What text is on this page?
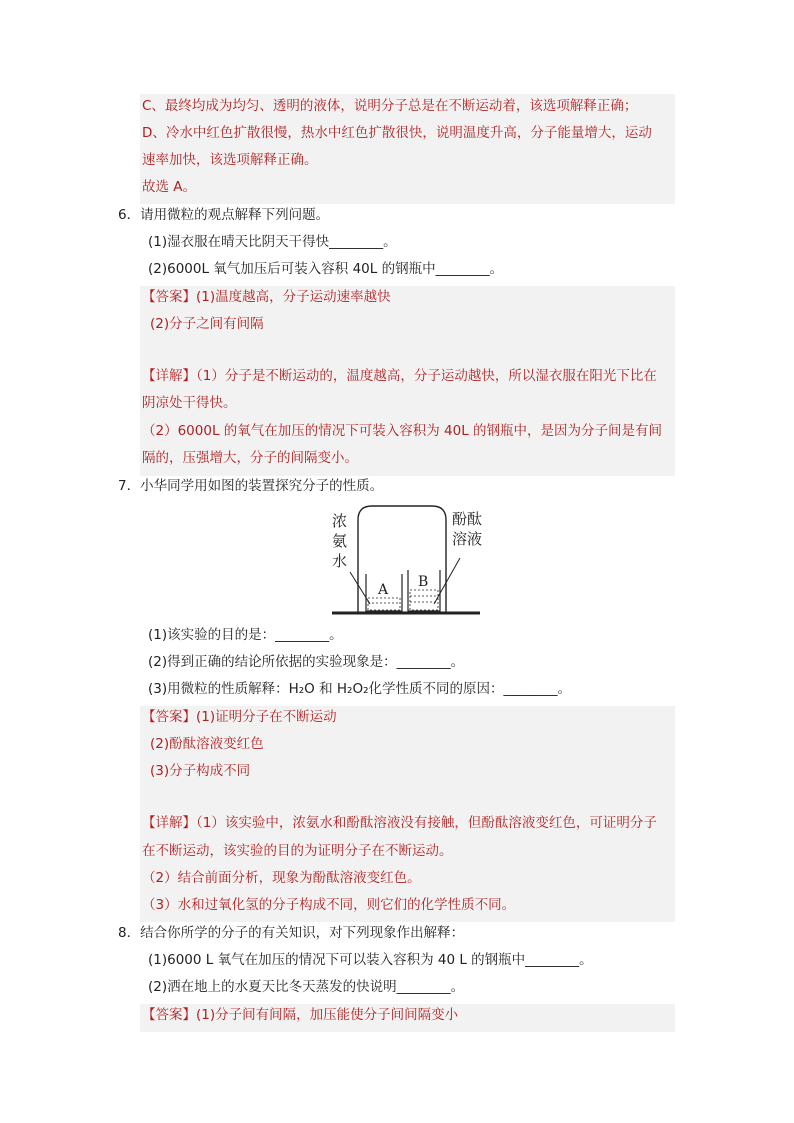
C、最终均成为均匀、透明的液体，说明分子总是在不断运动着，该选项解释正确；
D、冷水中红色扩散很慢，热水中红色扩散很快，说明温度升高，分子能量增大，运动
速率加快，该选项解释正确。
故选 A。
6．请用微粒的观点解释下列问题。
(1)湿衣服在晴天比阴天干得快________。
(2)6000L 氧气加压后可装入容积 40L 的钢瓶中________。
【答案】(1)温度越高，分子运动速率越快
(2)分子之间有间隔
【详解】（1）分子是不断运动的，温度越高，分子运动越快，所以湿衣服在阳光下比在
阴凉处干得快。
（2）6000L 的氧气在加压的情况下可装入容积为 40L 的钢瓶中，是因为分子间是有间
隔的，压强增大，分子的间隔变小。
7．小华同学用如图的装置探究分子的性质。
浓
氨
水
酚酞
溶液
A B
(1)该实验的目的是：________。
(2)得到正确的结论所依据的实验现象是：________。
(3)用微粒的性质解释：H₂O 和 H₂O₂化学性质不同的原因：________。
【答案】(1)证明分子在不断运动
(2)酚酞溶液变红色
(3)分子构成不同
【详解】（1）该实验中，浓氨水和酚酞溶液没有接触，但酚酞溶液变红色，可证明分子
在不断运动，该实验的目的为证明分子在不断运动。
（2）结合前面分析，现象为酚酞溶液变红色。
（3）水和过氧化氢的分子构成不同，则它们的化学性质不同。
8．结合你所学的分子的有关知识，对下列现象作出解释：
(1)6000 L 氧气在加压的情况下可以装入容积为 40 L 的钢瓶中________。
(2)洒在地上的水夏天比冬天蒸发的快说明________。
【答案】(1)分子间有间隔，加压能使分子间间隔变小
